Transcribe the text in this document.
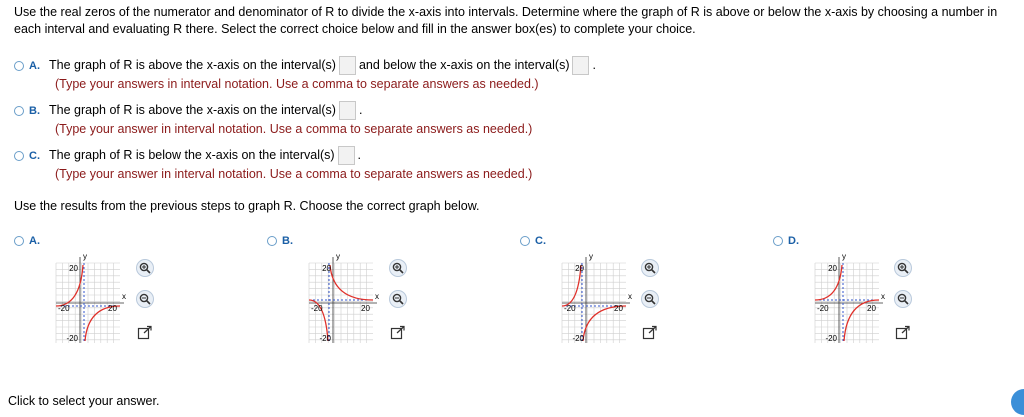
Use the real zeros of the numerator and denominator of R to divide the x-axis into intervals. Determine where the graph of R is above or below the x-axis by choosing a number in each interval and evaluating R there. Select the correct choice below and fill in the answer box(es) to complete your choice.
A. The graph of R is above the x-axis on the interval(s) and below the x-axis on the interval(s) .
(Type your answers in interval notation. Use a comma to separate answers as needed.)
B. The graph of R is above the x-axis on the interval(s) .
(Type your answer in interval notation. Use a comma to separate answers as needed.)
C. The graph of R is below the x-axis on the interval(s) .
(Type your answer in interval notation. Use a comma to separate answers as needed.)
Use the results from the previous steps to graph R. Choose the correct graph below.
A.
y
x
20
-20
-20	20
B.
y
x
20
-20
-20	20
C.
y
x
20
-20
-20	20
D.
y
x
20
-20
-20	20
Click to select your answer.
